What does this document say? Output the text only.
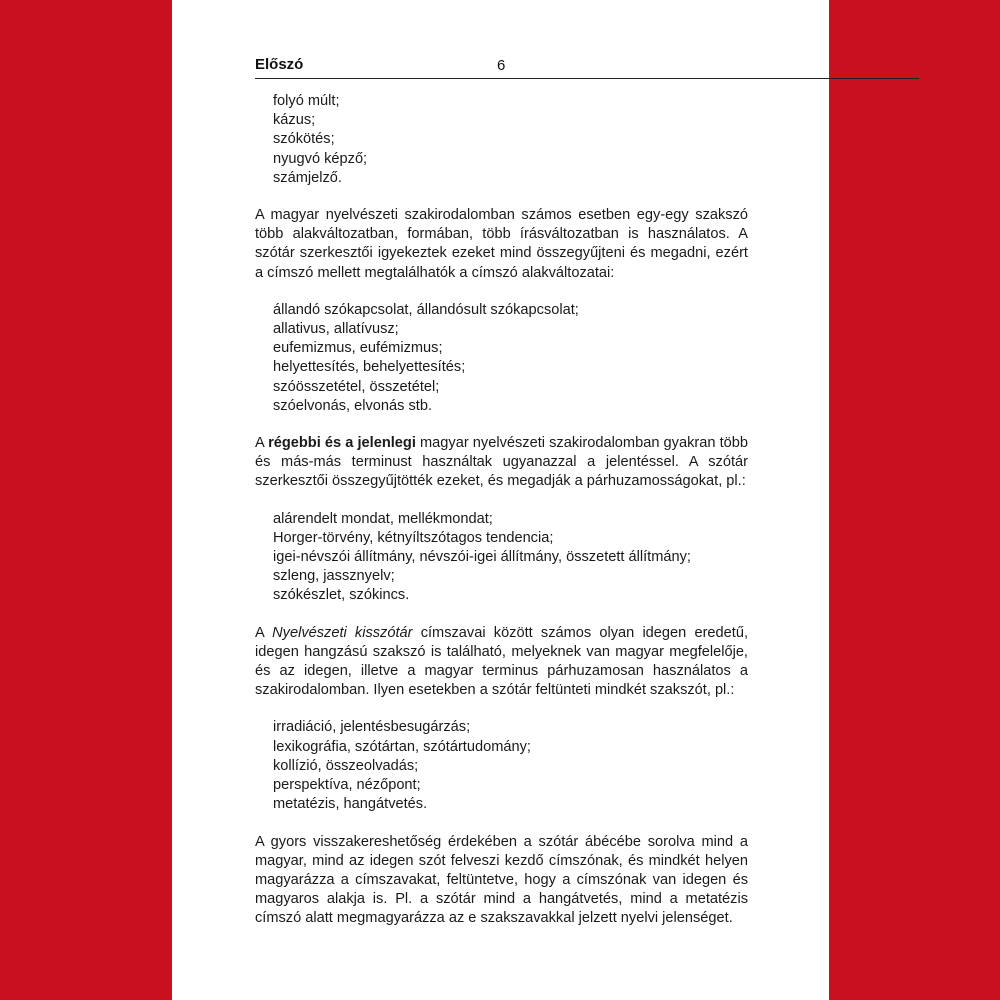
Előszó	6
folyó múlt;
kázus;
szókötés;
nyugvó képző;
számjelző.

A magyar nyelvészeti szakirodalomban számos esetben egy-egy szakszó több alakváltozatban, formában, több írásváltozatban is használatos. A szótár szerkesztői igyekeztek ezeket mind összegyűjteni és megadni, ezért a címszó mellett megtalálhatók a címszó alakváltozatai:

állandó szókapcsolat, állandósult szókapcsolat;
allativus, allatívusz;
eufemizmus, eufémizmus;
helyettesítés, behelyettesítés;
szóösszetétel, összetétel;
szóelvonás, elvonás stb.

A régebbi és a jelenlegi magyar nyelvészeti szakirodalomban gyakran több és más-más terminust használtak ugyanazzal a jelentéssel. A szótár szerkesztői összegyűjtötték ezeket, és megadják a párhuzamosságokat, pl.:

alárendelt mondat, mellékmondat;
Horger-törvény, kétnyíltszótagos tendencia;
igei-névszói állítmány, névszói-igei állítmány, összetett állítmány;
szleng, jassznyelv;
szókészlet, szókincs.

A Nyelvészeti kisszótár címszavai között számos olyan idegen eredetű, idegen hangzású szakszó is található, melyeknek van magyar megfelelője, és az idegen, illetve a magyar terminus párhuzamosan használatos a szakirodalomban. Ilyen esetekben a szótár feltünteti mindkét szakszót, pl.:

irradiáció, jelentésbesugárzás;
lexikográfia, szótártan, szótártudomány;
kollízió, összeolvadás;
perspektíva, nézőpont;
metatézis, hangátvetés.

A gyors visszakereshetőség érdekében a szótár ábécébe sorolva mind a magyar, mind az idegen szót felveszi kezdő címszónak, és mindkét helyen magyarázza a címszavakat, feltüntetve, hogy a címszónak van idegen és magyaros alakja is. Pl. a szótár mind a hangátvetés, mind a metatézis címszó alatt megmagyarázza az e szakszavakkal jelzett nyelvi jelenséget.
